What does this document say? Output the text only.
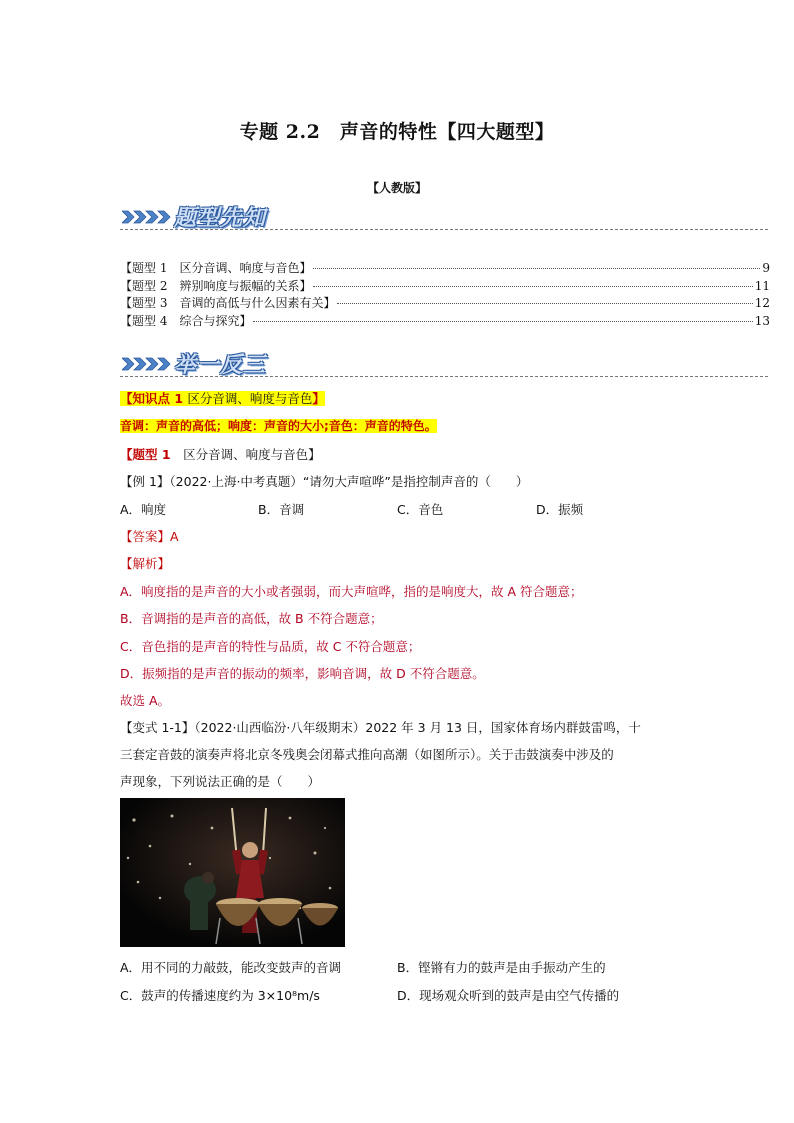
专题 2.2　声音的特性【四大题型】
【人教版】
题型先知
【题型 1　区分音调、响度与音色】	9
【题型 2　辨别响度与振幅的关系】	11
【题型 3　音调的高低与什么因素有关】	12
【题型 4　综合与探究】	13
举一反三
【知识点 1 区分音调、响度与音色】
音调：声音的高低；响度：声音的大小;音色：声音的特色。
【题型 1　区分音调、响度与音色】
【例 1】（2022·上海·中考真题）“请勿大声喧哗”是指控制声音的（　　）
A．响度	B．音调	C．音色	D．振频
【答案】A
【解析】
A．响度指的是声音的大小或者强弱，而大声喧哗，指的是响度大，故 A 符合题意；
B．音调指的是声音的高低，故 B 不符合题意；
C．音色指的是声音的特性与品质，故 C 不符合题意；
D．振频指的是声音的振动的频率，影响音调，故 D 不符合题意。
故选 A。
【变式 1-1】（2022·山西临汾·八年级期末）2022 年 3 月 13 日，国家体育场内群鼓雷鸣，十
三套定音鼓的演奏声将北京冬残奥会闭幕式推向高潮（如图所示）。关于击鼓演奏中涉及的
声现象，下列说法正确的是（　　）
A．用不同的力敲鼓，能改变鼓声的音调	B．铿锵有力的鼓声是由手振动产生的
C．鼓声的传播速度约为 3×10⁸m/s	D．现场观众听到的鼓声是由空气传播的
